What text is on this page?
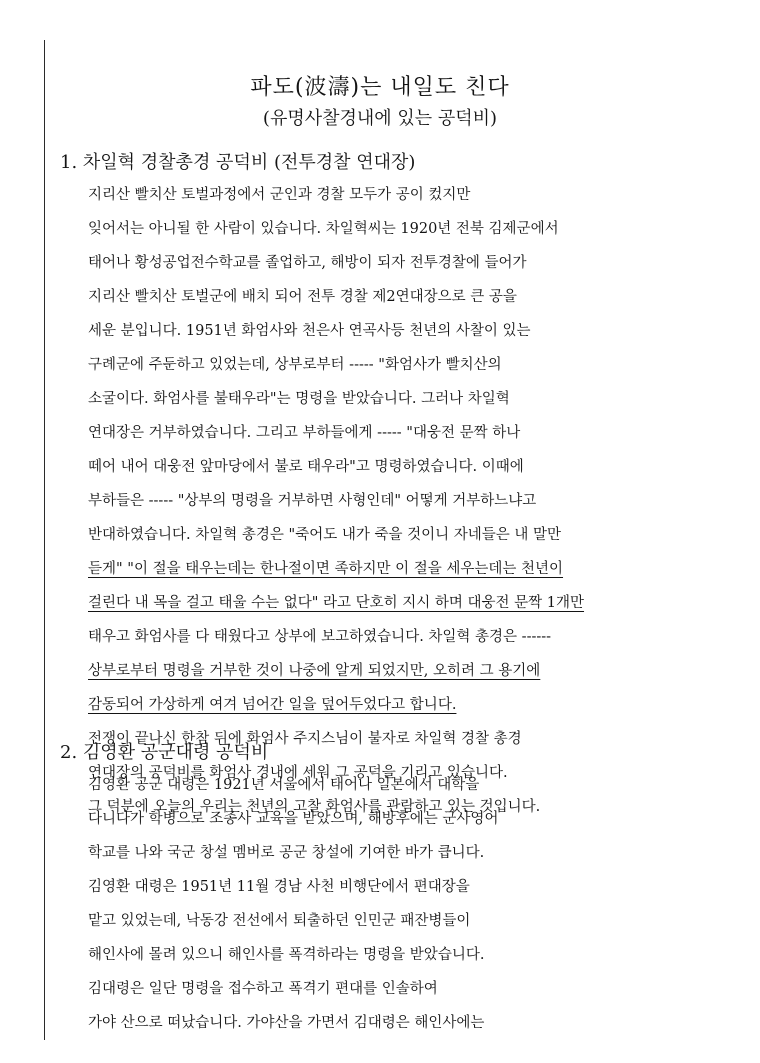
파도(波濤)는 내일도 친다
(유명사찰경내에 있는 공덕비)
1. 차일혁 경찰총경 공덕비 (전투경찰 연대장)
지리산 빨치산 토벌과정에서 군인과 경찰 모두가 공이 컸지만
잊어서는 아니될 한 사람이 있습니다. 차일혁씨는 1920년 전북 김제군에서
태어나 황성공업전수학교를 졸업하고, 해방이 되자 전투경찰에 들어가
지리산 빨치산 토벌군에 배치 되어 전투 경찰 제2연대장으로 큰 공을
세운 분입니다. 1951년 화엄사와 천은사 연곡사등 천년의 사찰이 있는
구례군에 주둔하고 있었는데, 상부로부터 ----- "화엄사가 빨치산의
소굴이다. 화엄사를 불태우라"는 명령을 받았습니다. 그러나 차일혁
연대장은 거부하였습니다. 그리고 부하들에게 ----- "대웅전 문짝 하나
떼어 내어 대웅전 앞마당에서 불로 태우라"고 명령하였습니다. 이때에
부하들은 ----- "상부의 명령을 거부하면 사형인데" 어떻게 거부하느냐고
반대하였습니다. 차일혁 총경은 "죽어도 내가 죽을 것이니 자네들은 내 말만
듣게" "이 절을 태우는데는 한나절이면 족하지만 이 절을 세우는데는 천년이
걸린다 내 목을 걸고 태울 수는 없다" 라고 단호히 지시 하며 대웅전 문짝 1개만
태우고 화엄사를 다 태웠다고 상부에 보고하였습니다. 차일혁 총경은 ------
상부로부터 명령을 거부한 것이 나중에 알게 되었지만, 오히려 그 용기에
감동되어 가상하게 여겨 넘어간 일을 덮어두었다고 합니다.
전쟁이 끝나신 한참 뒤에 화엄사 주지스님이 불자로 차일혁 경찰 총경
연대장의 공덕비를 화엄사 경내에 세워 그 공덕을 기리고 있습니다.
그 덕분에 오늘의 우리는 천년의 고찰 화엄사를 관람하고 있는 것입니다.
2. 김영환 공군대령 공덕비
김영환 공군 대령은 1921년 서울에서 태어나 일본에서 대학을
다니다가 학병으로 조종사 교육을 받았으며, 해방후에는 군사영어
학교를 나와 국군 창설 멤버로 공군 창설에 기여한 바가 큽니다.
김영환 대령은 1951년 11월 경남 사천 비행단에서 편대장을
맡고 있었는데, 낙동강 전선에서 퇴출하던 인민군 패잔병들이
해인사에 몰려 있으니 해인사를 폭격하라는 명령을 받았습니다.
김대령은 일단 명령을 접수하고 폭격기 편대를 인솔하여
가야 산으로 떠났습니다. 가야산을 가면서 김대령은 해인사에는
